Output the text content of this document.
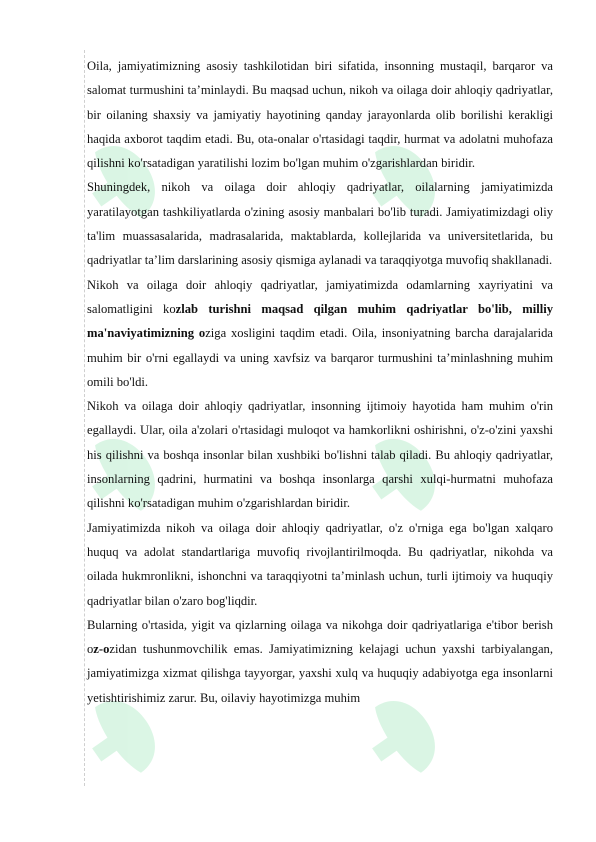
Oila, jamiyatimizning asosiy tashkilotidan biri sifatida, insonning mustaqil, barqaror va salomat turmushini ta’minlaydi. Bu maqsad uchun, nikoh va oilaga doir ahloqiy qadriyatlar, bir oilaning shaxsiy va jamiyatiy hayotining qanday jarayonlarda olib borilishi kerakligi haqida axborot taqdim etadi. Bu, ota-onalar o'rtasidagi taqdir, hurmat va adolatni muhofaza qilishni ko'rsatadigan yaratilishi lozim bo'lgan muhim o'zgarishlardan biridir.

Shuningdek, nikoh va oilaga doir ahloqiy qadriyatlar, oilalarning jamiyatimizda yaratilayotgan tashkiliyatlarda o'zining asosiy manbalari bo'lib turadi. Jamiyatimizdagi oliy ta'lim muassasalarida, madrasalarida, maktablarda, kollejlarida va universitetlarida, bu qadriyatlar ta’lim darslarining asosiy qismiga aylanadi va taraqqiyotga muvofiq shakllanadi.

Nikoh va oilaga doir ahloqiy qadriyatlar, jamiyatimizda odamlarning xayriyatini va salomatligini kozlab turishni maqsad qilgan muhim qadriyatlar bo'lib, milliy ma'naviyatimizning oziga xosligini taqdim etadi. Oila, insoniyatning barcha darajalarida muhim bir o'rni egallaydi va uning xavfsiz va barqaror turmushini ta’minlashning muhim omili bo'ldi.

Nikoh va oilaga doir ahloqiy qadriyatlar, insonning ijtimoiy hayotida ham muhim o'rin egallaydi. Ular, oila a'zolari o'rtasidagi muloqot va hamkorlikni oshirishni, o'z-o'zini yaxshi his qilishni va boshqa insonlar bilan xushbiki bo'lishni talab qiladi. Bu ahloqiy qadriyatlar, insonlarning qadrini, hurmatini va boshqa insonlarga qarshi xulqi-hurmatni muhofaza qilishni ko'rsatadigan muhim o'zgarishlardan biridir.

Jamiyatimizda nikoh va oilaga doir ahloqiy qadriyatlar, o'z o'rniga ega bo'lgan xalqaro huquq va adolat standartlariga muvofiq rivojlantirilmoqda. Bu qadriyatlar, nikohda va oilada hukmronlikni, ishonchni va taraqqiyotni ta’minlash uchun, turli ijtimoiy va huquqiy qadriyatlar bilan o'zaro bog'liqdir.

Bularning o'rtasida, yigit va qizlarning oilaga va nikohga doir qadriyatlariga e'tibor berish oz-ozidan tushunmovchilik emas. Jamiyatimizning kelajagi uchun yaxshi tarbiyalangan, jamiyatimizga xizmat qilishga tayyorgar, yaxshi xulq va huquqiy adabiyotga ega insonlarni yetishtirishimiz zarur. Bu, oilaviy hayotimizga muhim
